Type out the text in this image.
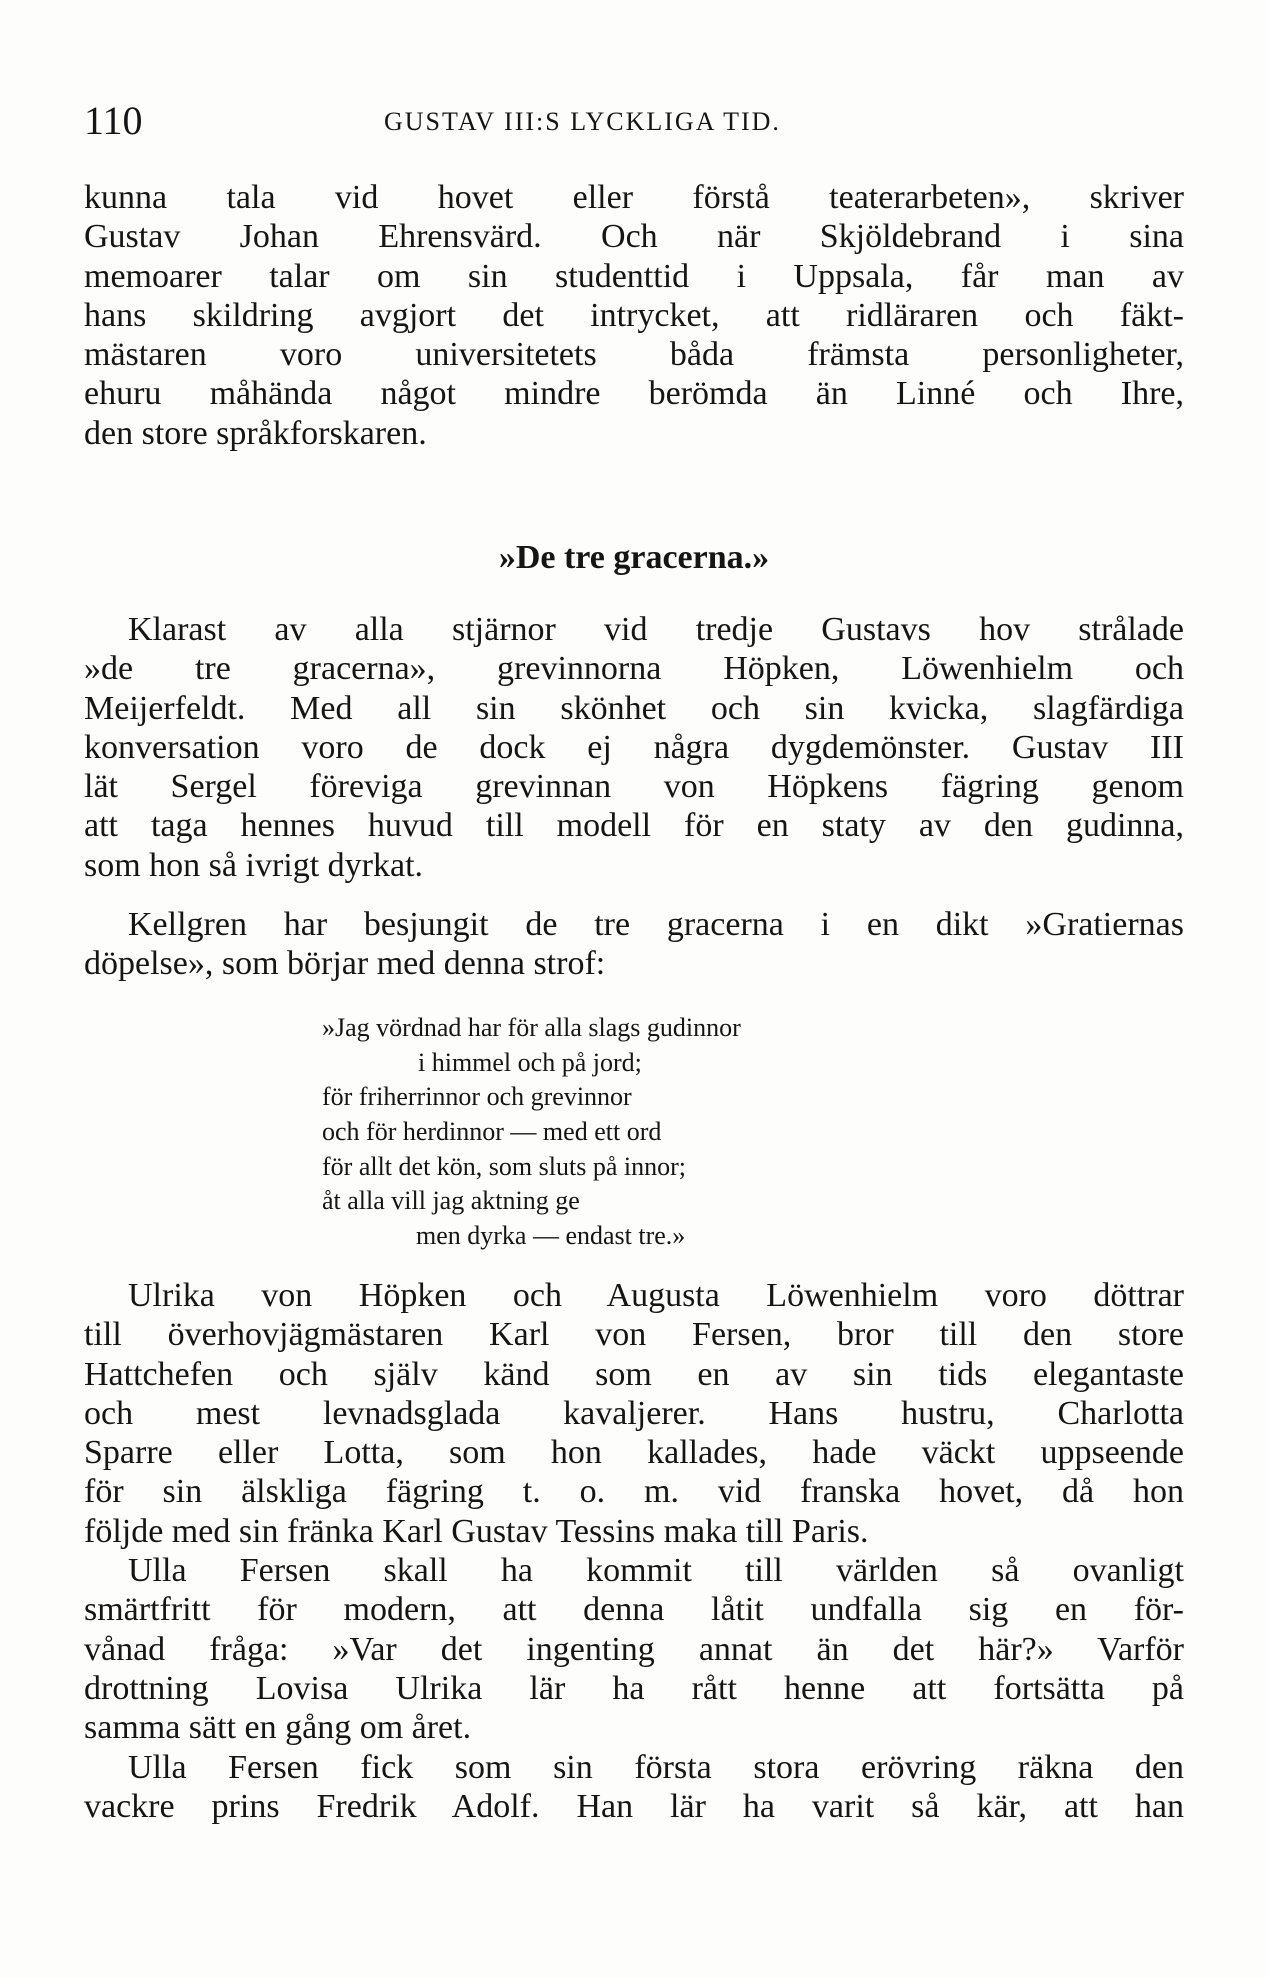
110	GUSTAV III:S LYCKLIGA TID.
kunna tala vid hovet eller förstå teaterarbeten», skriver
Gustav Johan Ehrensvärd. Och när Skjöldebrand i sina
memoarer talar om sin studenttid i Uppsala, får man av
hans skildring avgjort det intrycket, att ridläraren och fäkt-
mästaren voro universitetets båda främsta personligheter,
ehuru måhända något mindre berömda än Linné och Ihre,
den store språkforskaren.
»De tre gracerna.»
Klarast av alla stjärnor vid tredje Gustavs hov strålade
»de tre gracerna», grevinnorna Höpken, Löwenhielm och
Meijerfeldt. Med all sin skönhet och sin kvicka, slagfärdiga
konversation voro de dock ej några dygdemönster. Gustav III
lät Sergel föreviga grevinnan von Höpkens fägring genom
att taga hennes huvud till modell för en staty av den gudinna,
som hon så ivrigt dyrkat.
Kellgren har besjungit de tre gracerna i en dikt »Gratiernas
döpelse», som börjar med denna strof:
»Jag vördnad har för alla slags gudinnor
i himmel och på jord;
för friherrinnor och grevinnor
och för herdinnor — med ett ord
för allt det kön, som sluts på innor;
åt alla vill jag aktning ge
men dyrka — endast tre.»
Ulrika von Höpken och Augusta Löwenhielm voro döttrar
till överhovjägmästaren Karl von Fersen, bror till den store
Hattchefen och själv känd som en av sin tids elegantaste
och mest levnadsglada kavaljerer. Hans hustru, Charlotta
Sparre eller Lotta, som hon kallades, hade väckt uppseende
för sin älskliga fägring t. o. m. vid franska hovet, då hon
följde med sin fränka Karl Gustav Tessins maka till Paris.
Ulla Fersen skall ha kommit till världen så ovanligt
smärtfritt för modern, att denna låtit undfalla sig en för-
vånad fråga: »Var det ingenting annat än det här?» Varför
drottning Lovisa Ulrika lär ha rått henne att fortsätta på
samma sätt en gång om året.
Ulla Fersen fick som sin första stora erövring räkna den
vackre prins Fredrik Adolf. Han lär ha varit så kär, att han
